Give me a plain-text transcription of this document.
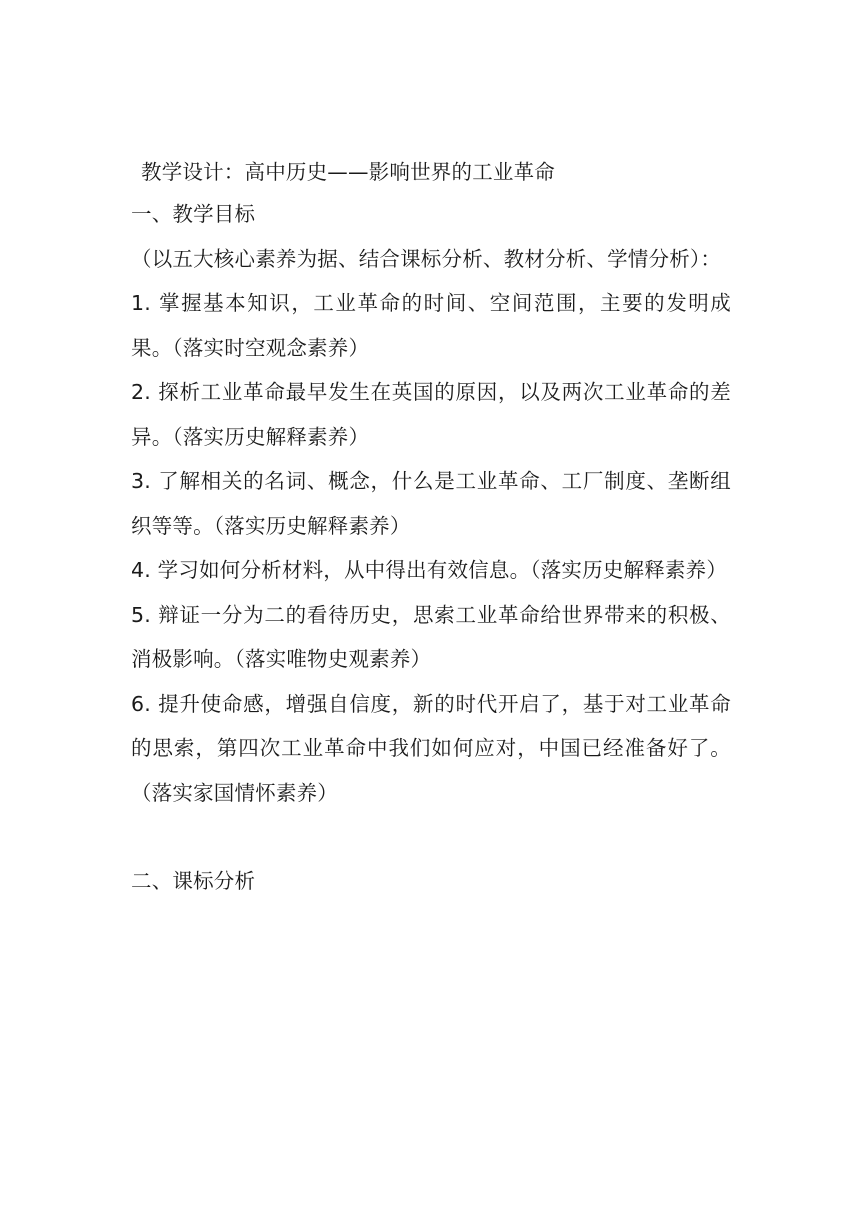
教学设计：高中历史——影响世界的工业革命
一、教学目标

（以五大核心素养为据、结合课标分析、教材分析、学情分析）：

1. 掌握基本知识，工业革命的时间、空间范围，主要的发明成果。（落实时空观念素养）

2. 探析工业革命最早发生在英国的原因，以及两次工业革命的差异。（落实历史解释素养）

3. 了解相关的名词、概念，什么是工业革命、工厂制度、垄断组织等等。（落实历史解释素养）

4. 学习如何分析材料，从中得出有效信息。（落实历史解释素养）

5. 辩证一分为二的看待历史，思索工业革命给世界带来的积极、消极影响。（落实唯物史观素养）

6. 提升使命感，增强自信度，新的时代开启了，基于对工业革命的思索，第四次工业革命中我们如何应对，中国已经准备好了。（落实家国情怀素养）

二、课标分析
